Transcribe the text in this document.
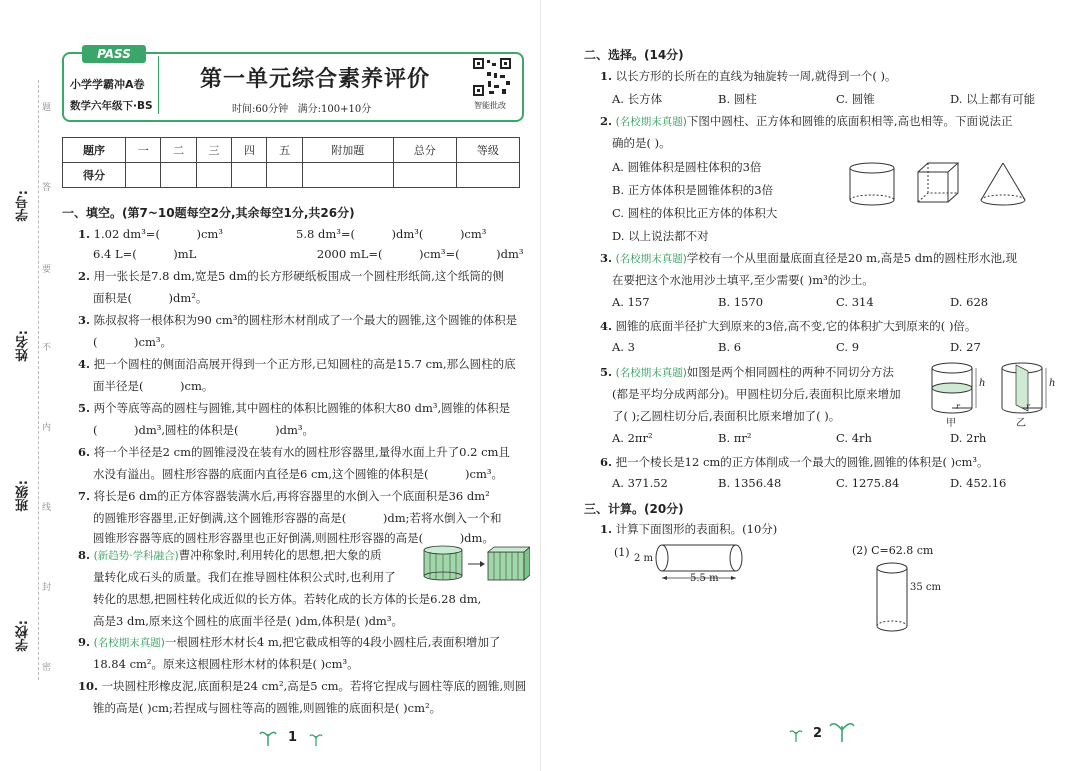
学号:
姓名:
班级:
学校:
题
答
要
不
内
线
封
密
PASS
小学学霸冲A卷
数学六年级下·BS
第一单元综合素养评价
时间:60分钟   满分:100+10分	智能批改
题序	一	二	三	四	五	附加题	总分	等级
得分								
一、填空。(第7~10题每空2分,其余每空1分,共26分)
1. 1.02 dm³=(          )cm³                    5.8 dm³=(          )dm³(          )cm³
6.4 L=(          )mL                                 2000 mL=(          )cm³=(          )dm³
2. 用一张长是7.8 dm,宽是5 dm的长方形硬纸板围成一个圆柱形纸筒,这个纸筒的侧
面积是(          )dm²。
3. 陈叔叔将一根体积为90 cm³的圆柱形木材削成了一个最大的圆锥,这个圆锥的体积是
(          )cm³。
4. 把一个圆柱的侧面沿高展开得到一个正方形,已知圆柱的高是15.7 cm,那么圆柱的底
面半径是(          )cm。
5. 两个等底等高的圆柱与圆锥,其中圆柱的体积比圆锥的体积大80 dm³,圆锥的体积是
(          )dm³,圆柱的体积是(          )dm³。
6. 将一个半径是2 cm的圆锥浸没在装有水的圆柱形容器里,量得水面上升了0.2 cm且
水没有溢出。圆柱形容器的底面内直径是6 cm,这个圆锥的体积是(          )cm³。
7. 将长是6 dm的正方体容器装满水后,再将容器里的水倒入一个底面积是36 dm²
的圆锥形容器里,正好倒满,这个圆锥形容器的高是(          )dm;若将水倒入一个和
圆锥形容器等底的圆柱形容器里也正好倒满,则圆柱形容器的高是(          )dm。
8. (新趋势·学科融合)曹冲称象时,利用转化的思想,把大象的质
量转化成石头的质量。我们在推导圆柱体积公式时,也利用了
转化的思想,把圆柱转化成近似的长方体。若转化成的长方体的长是6.28 dm,
高是3 dm,原来这个圆柱的底面半径是( )dm,体积是( )dm³。
9. (名校期末真题)一根圆柱形木材长4 m,把它截成相等的4段小圆柱后,表面积增加了
18.84 cm²。原来这根圆柱形木材的体积是( )cm³。
10. 一块圆柱形橡皮泥,底面积是24 cm²,高是5 cm。若将它捏成与圆柱等底的圆锥,则圆
锥的高是( )cm;若捏成与圆柱等高的圆锥,则圆锥的底面积是( )cm²。
1
二、选择。(14分)
1. 以长方形的长所在的直线为轴旋转一周,就得到一个( )。
A. 长方体	B. 圆柱	C. 圆锥	D. 以上都有可能
2. (名校期末真题)下图中圆柱、正方体和圆锥的底面积相等,高也相等。下面说法正
确的是( )。
A. 圆锥体积是圆柱体积的3倍
B. 正方体体积是圆锥体积的3倍
C. 圆柱的体积比正方体的体积大
D. 以上说法都不对
3. (名校期末真题)学校有一个从里面量底面直径是20 m,高是5 dm的圆柱形水池,现
在要把这个水池用沙土填平,至少需要( )m³的沙土。
A. 157	B. 1570	C. 314	D. 628
4. 圆锥的底面半径扩大到原来的3倍,高不变,它的体积扩大到原来的( )倍。
A. 3	B. 6	C. 9	D. 27
5. (名校期末真题)如图是两个相同圆柱的两种不同切分方法
(都是平均分成两部分)。甲圆柱切分后,表面积比原来增加
了( );乙圆柱切分后,表面积比原来增加了( )。
A. 2πr²	B. πr²	C. 4rh	D. 2rh
h	h
r	r
甲	乙
6. 把一个棱长是12 cm的正方体削成一个最大的圆锥,圆锥的体积是( )cm³。
A. 371.52	B. 1356.48	C. 1275.84	D. 452.16
三、计算。(20分)
1. 计算下面图形的表面积。(10分)
(1) 2 m
5.5 m
(2) C=62.8 cm
35 cm
2
